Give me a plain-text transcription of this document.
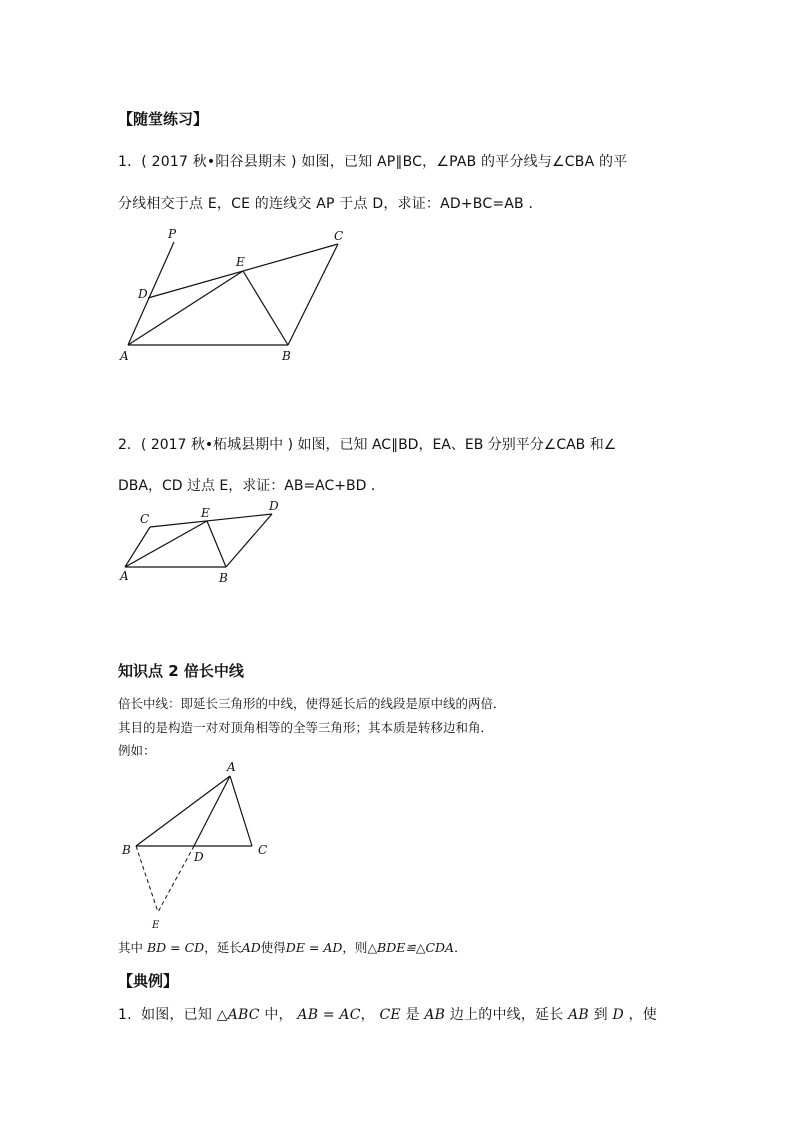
【随堂练习】
1．( 2017 秋•阳谷县期末 ) 如图，已知 AP∥BC，∠PAB 的平分线与∠CBA 的平
分线相交于点 E，CE 的连线交 AP 于点 D，求证：AD+BC=AB ．
P	C
E
D
A	B
2．( 2017 秋•柘城县期中 ) 如图，已知 AC∥BD，EA、EB 分别平分∠CAB 和∠
DBA，CD 过点 E，求证：AB=AC+BD ．
C	E	D
A	B
知识点 2 倍长中线
倍长中线：即延长三角形的中线，使得延长后的线段是原中线的两倍．
其目的是构造一对对顶角相等的全等三角形；其本质是转移边和角．
例如：
A
B	D	C
E
其中 BD = CD，延长AD使得DE = AD，则△BDE≌△CDA．
【典例】
1. 如图，已知 △ABC 中， AB = AC， CE 是 AB 边上的中线，延长 AB 到 D ，使
